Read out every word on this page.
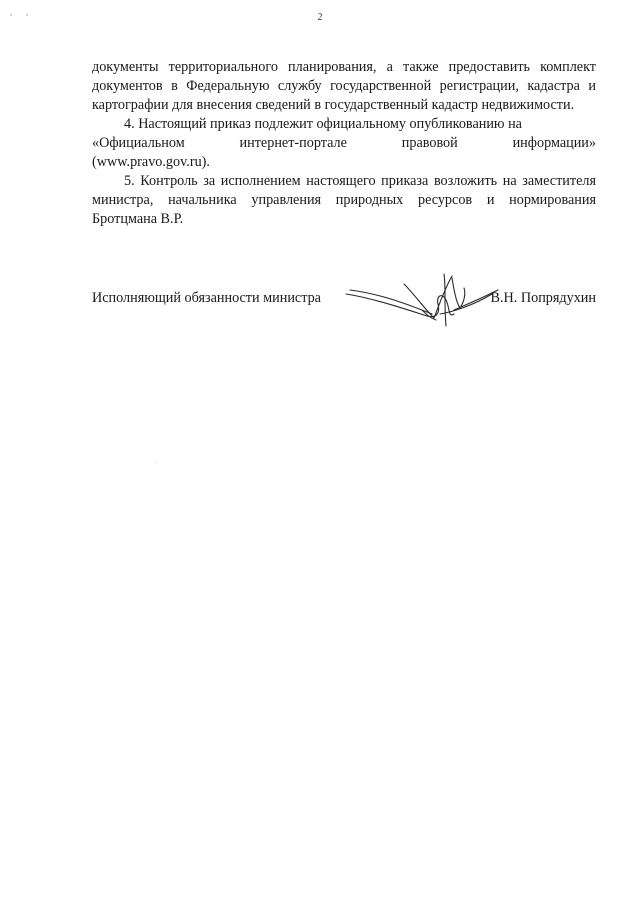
2

документы территориального планирования, а также предоставить комплект документов в Федеральную службу государственной регистрации, кадастра и картографии для внесения сведений в государственный кадастр недвижимости.

4. Настоящий приказ подлежит официальному опубликованию на

«Официальном	интернет-портале	правовой	информации»

(www.pravo.gov.ru).

5. Контроль за исполнением настоящего приказа возложить на заместителя министра, начальника управления природных ресурсов и нормирования Бротцмана В.Р.

Исполняющий обязанности министра	В.Н. Попрядухин
